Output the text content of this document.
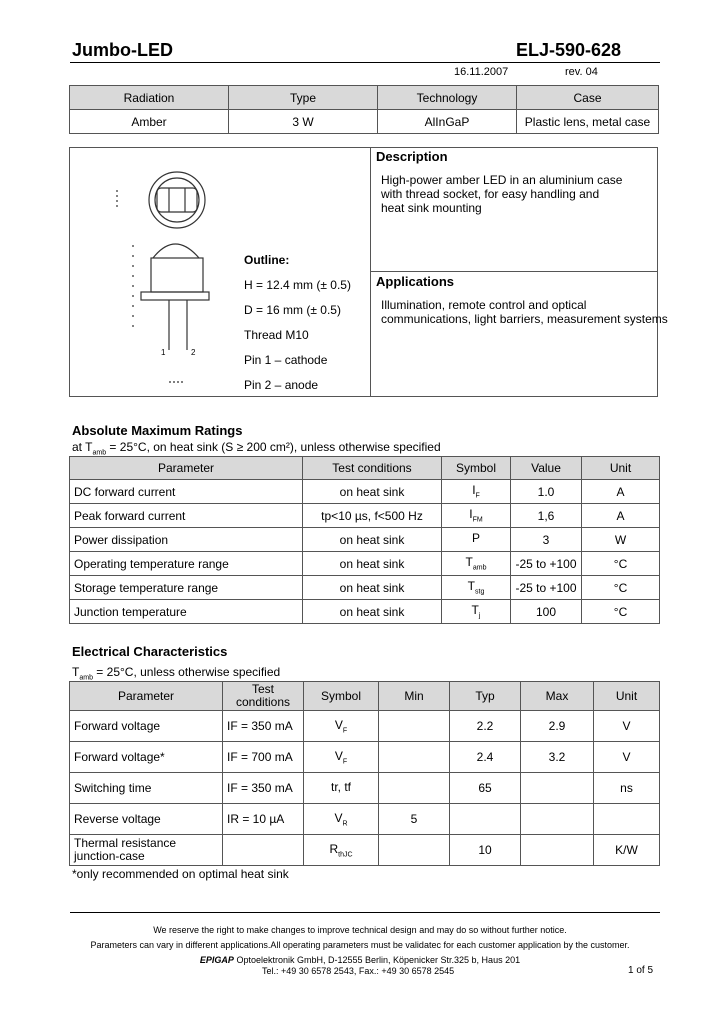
Jumbo-LED	ELJ-590-628
16.11.2007	rev. 04
Radiation	Type	Technology	Case
Amber	3 W	AlInGaP	Plastic lens, metal case
1	2
Outline:
H = 12.4 mm (± 0.5)
D = 16 mm (± 0.5)
Thread M10
Pin 1 – cathode
Pin 2 – anode
Description
High-power amber LED in an aluminium case
with thread socket, for easy handling and
heat sink mounting
Applications
Illumination, remote control and optical
communications, light barriers, measurement systems
Absolute Maximum Ratings
at $T_{amb} = 25^\circ C$, on heat sink (S ≥ 200 cm²), unless otherwise specified
Parameter	Test conditions	Symbol	Value	Unit
DC forward current	on heat sink	$I_F$	1.0	A
Peak forward current	tp<10 µs, f<500 Hz	$I_{FM}$	1,6	A
Power dissipation	on heat sink	P	3	W
Operating temperature range	on heat sink	$T_{amb}$	-25 to +100	°C
Storage temperature range	on heat sink	$T_{stg}$	-25 to +100	°C
Junction temperature	on heat sink	$T_j$	100	°C
Electrical Characteristics
$T_{amb} = 25^\circ C$, unless otherwise specified
Parameter	Test conditions	Symbol	Min	Typ	Max	Unit
Forward voltage	IF = 350 mA	$V_F$		2.2	2.9	V
Forward voltage*	IF = 700 mA	$V_F$		2.4	3.2	V
Switching time	IF = 350 mA	tr, tf		65		ns
Reverse voltage	IR = 10 µA	$V_R$	5			
Thermal resistance junction-case		$R_{thJC}$		10		K/W
*only recommended on optimal heat sink
We reserve the right to make changes to improve technical design and may do so without further notice.
Parameters can vary in different applications.All operating parameters must be validatec for each customer application by the customer.
EPIGAP Optoelektronik GmbH, D-12555 Berlin, Köpenicker Str.325 b, Haus 201
Tel.: +49 30 6578 2543, Fax.: +49 30 6578 2545	1 of 5
